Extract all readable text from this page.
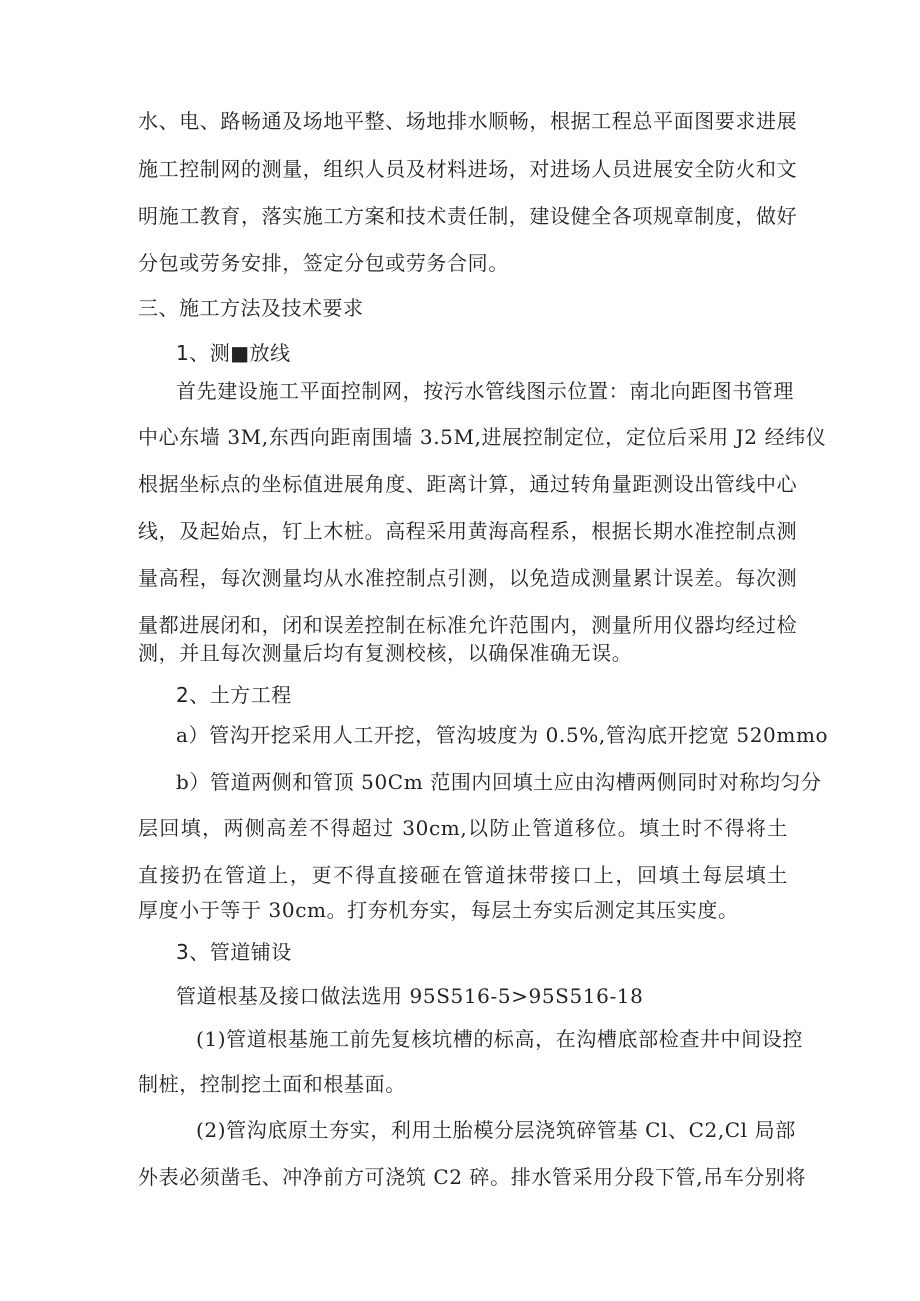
水、电、路畅通及场地平整、场地排水顺畅，根据工程总平面图要求进展
施工控制网的测量，组织人员及材料进场，对进场人员进展安全防火和文
明施工教育，落实施工方案和技术责任制，建设健全各项规章制度，做好
分包或劳务安排，签定分包或劳务合同。
三、施工方法及技术要求
1、测■放线
首先建设施工平面控制网，按污水管线图示位置：南北向距图书管理
中心东墙 3M,东西向距南围墙 3.5M,进展控制定位，定位后采用 J2 经纬仪
根据坐标点的坐标值进展角度、距离计算，通过转角量距测设出管线中心
线，及起始点，钉上木桩。高程采用黄海高程系，根据长期水准控制点测
量高程，每次测量均从水准控制点引测，以免造成测量累计误差。每次测
量都进展闭和，闭和误差控制在标准允许范围内，测量所用仪器均经过检
测，并且每次测量后均有复测校核，以确保准确无误。
2、土方工程
a）管沟开挖采用人工开挖，管沟坡度为 0.5%,管沟底开挖宽 520mmo
b）管道两侧和管顶 50Cm 范围内回填土应由沟槽两侧同时对称均匀分
层回填，两侧高差不得超过 30cm,以防止管道移位。填土时不得将土
直接扔在管道上，更不得直接砸在管道抹带接口上，回填土每层填土
厚度小于等于 30cm。打夯机夯实，每层土夯实后测定其压实度。
3、管道铺设
管道根基及接口做法选用 95S516-5>95S516-18
(1)管道根基施工前先复核坑槽的标高，在沟槽底部检查井中间设控
制桩，控制挖土面和根基面。
(2)管沟底原土夯实，利用土胎模分层浇筑碎管基 Cl、C2,Cl 局部
外表必须凿毛、冲净前方可浇筑 C2 碎。排水管采用分段下管,吊车分别将
